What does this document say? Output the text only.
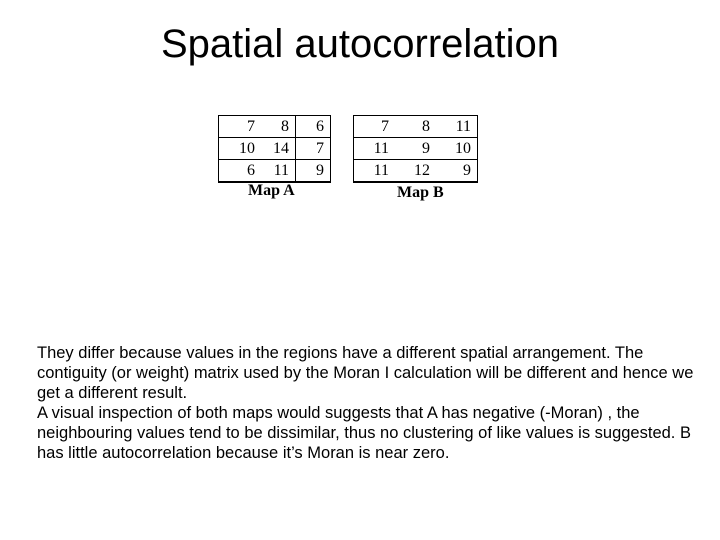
Spatial autocorrelation
7	8	6
10	14	7
6	11	9
Map A
7	8	11
11	9	10
11	12	9
Map B

They differ because values in the regions have a different spatial arrangement. The contiguity (or weight) matrix used by the Moran I calculation will be different and hence we get a different result.

A visual inspection of both maps would suggests that A has negative (-Moran) , the neighbouring values tend to be dissimilar, thus no clustering of like values is suggested. B has little autocorrelation because it’s Moran is near zero.
